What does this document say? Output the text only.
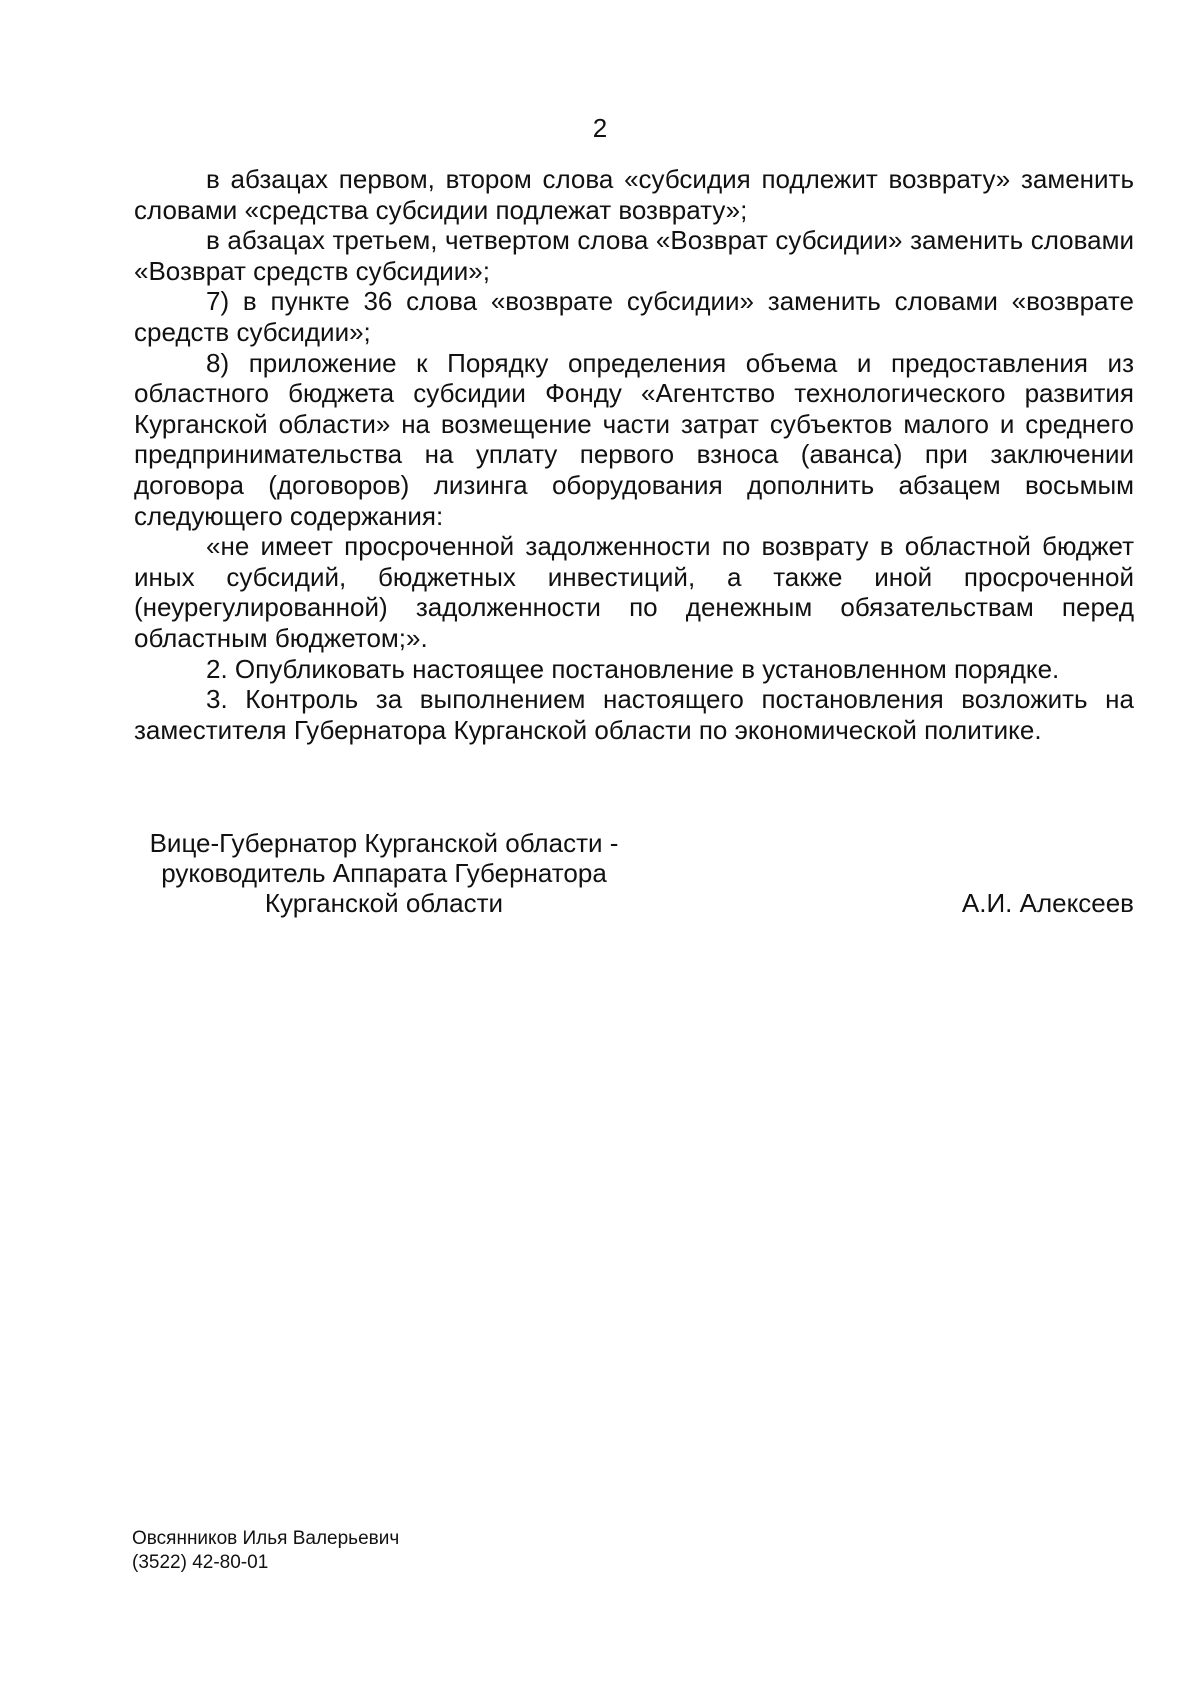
2

в абзацах первом, втором слова «субсидия подлежит возврату» заменить словами «средства субсидии подлежат возврату»;

в абзацах третьем, четвертом слова «Возврат субсидии» заменить словами «Возврат средств субсидии»;

7) в пункте 36 слова «возврате субсидии» заменить словами «возврате средств субсидии»;

8) приложение к Порядку определения объема и предоставления из областного бюджета субсидии Фонду «Агентство технологического развития Курганской области» на возмещение части затрат субъектов малого и среднего предпринимательства на уплату первого взноса (аванса) при заключении договора (договоров) лизинга оборудования дополнить абзацем восьмым следующего содержания:

«не имеет просроченной задолженности по возврату в областной бюджет иных субсидий, бюджетных инвестиций, а также иной просроченной (неурегулированной) задолженности по денежным обязательствам перед областным бюджетом;».

2. Опубликовать настоящее постановление в установленном порядке.

3. Контроль за выполнением настоящего постановления возложить на заместителя Губернатора Курганской области по экономической политике.

Вице-Губернатор Курганской области -
руководитель Аппарата Губернатора
Курганской области	А.И. Алексеев
Овсянников Илья Валерьевич
(3522) 42-80-01
